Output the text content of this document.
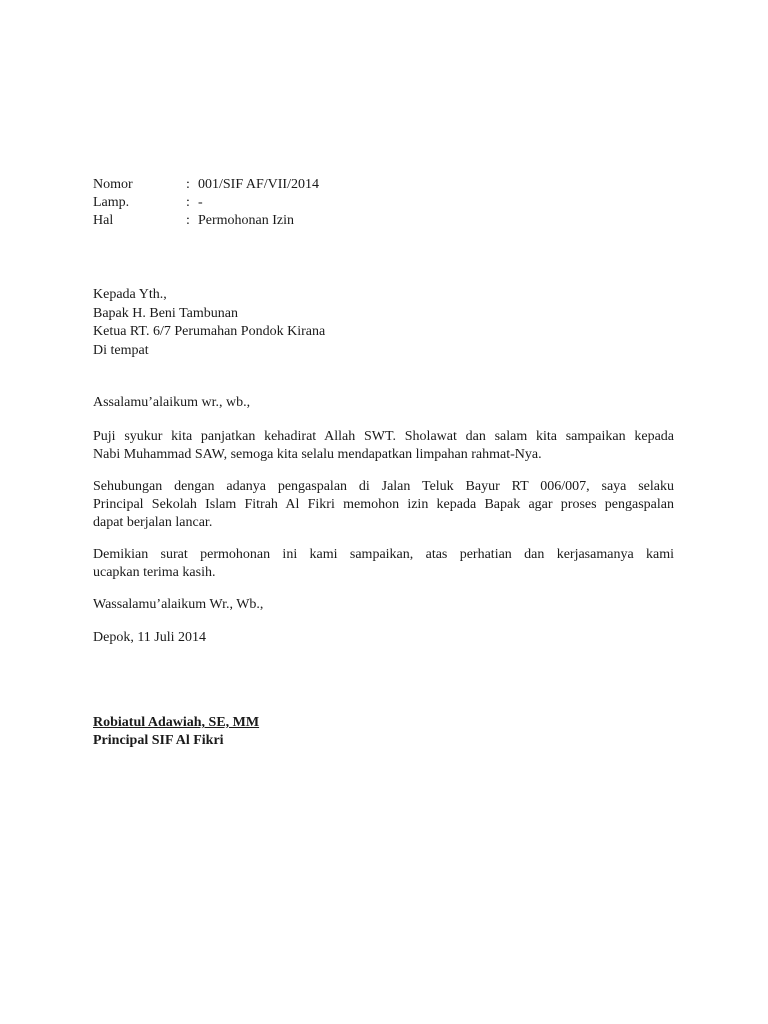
Nomor	: 001/SIF AF/VII/2014
Lamp.	: -
Hal	: Permohonan Izin
Kepada Yth.,
Bapak H. Beni Tambunan
Ketua RT. 6/7 Perumahan Pondok Kirana
Di tempat
Assalamu’alaikum wr., wb.,
Puji syukur kita panjatkan kehadirat Allah SWT. Sholawat dan salam kita sampaikan kepada
Nabi Muhammad SAW, semoga kita selalu mendapatkan limpahan rahmat-Nya.
Sehubungan dengan adanya pengaspalan di Jalan Teluk Bayur RT 006/007, saya selaku
Principal Sekolah Islam Fitrah Al Fikri memohon izin kepada Bapak agar proses pengaspalan
dapat berjalan lancar.
Demikian surat permohonan ini kami sampaikan, atas perhatian dan kerjasamanya kami
ucapkan terima kasih.
Wassalamu’alaikum Wr., Wb.,
Depok, 11 Juli 2014
Robiatul Adawiah, SE, MM
Principal SIF Al Fikri
